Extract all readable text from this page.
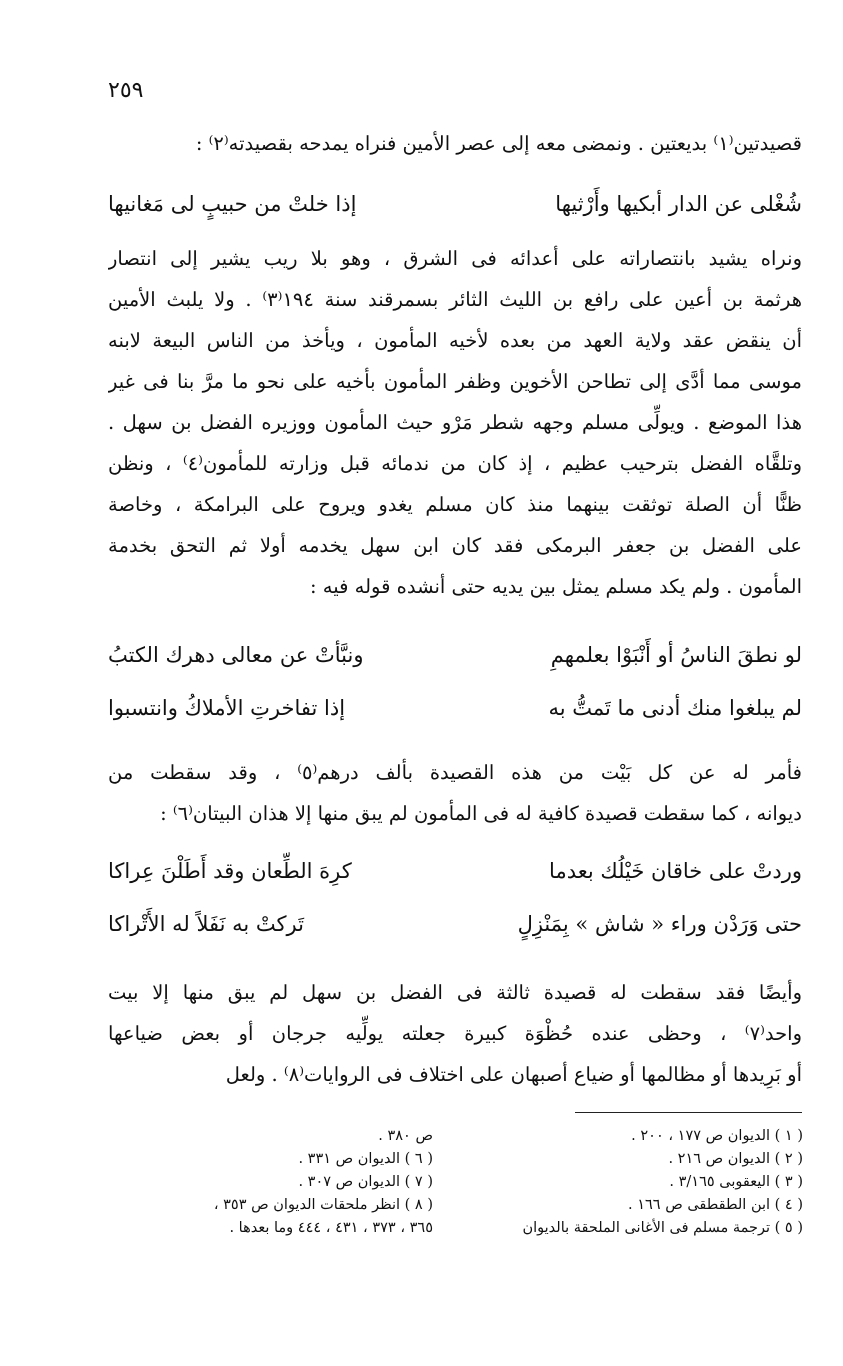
٢٥٩
قصيدتين⁽١⁾ بديعتين . ونمضى معه إلى عصر الأمين فنراه يمدحه بقصيدته⁽٢⁾ :
شُغْلى عن الدار أبكيها وأَرْثيها
إذا خلتْ من حبيبٍ لى مَغانيها
ونراه يشيد بانتصاراته على أعدائه فى الشرق ، وهو بلا ريب يشير إلى انتصار
هرثمة بن أعين على رافع بن الليث الثائر بسمرقند سنة ١٩٤⁽٣⁾ . ولا يلبث الأمين
أن ينقض عقد ولاية العهد من بعده لأخيه المأمون ، ويأخذ من الناس البيعة لابنه
موسى مما أدَّى إلى تطاحن الأخوين وظفر المأمون بأخيه على نحو ما مرَّ بنا فى غير
هذا الموضع . ويولِّى مسلم وجهه شطر مَرْو حيث المأمون ووزيره الفضل بن سهل .
وتلقَّاه الفضل بترحيب عظيم ، إذ كان من ندمائه قبل وزارته للمأمون⁽٤⁾ ، ونظن
ظنًّا أن الصلة توثقت بينهما منذ كان مسلم يغدو ويروح على البرامكة ، وخاصة
على الفضل بن جعفر البرمكى فقد كان ابن سهل يخدمه أولا ثم التحق بخدمة
المأمون . ولم يكد مسلم يمثل بين يديه حتى أنشده قوله فيه :
لو نطقَ الناسُ أو أَنْبَوْا بعلمهمِ
ونبَّأتْ عن معالى دهرك الكتبُ
لم يبلغوا منك أدنى ما تَمتُّ به
إذا تفاخرتِ الأملاكُ وانتسبوا
فأمر له عن كل بَيْت من هذه القصيدة بألف درهم⁽٥⁾ ، وقد سقطت من
ديوانه ، كما سقطت قصيدة كافية له فى المأمون لم يبق منها إلا هذان البيتان⁽٦⁾ :
وردتْ على خاقان خَيْلُك بعدما
كرِهَ الطِّعان وقد أَطَلْنَ عِراكا
حتى وَرَدْن وراء « شاش » بِمَنْزِلٍ
تَركتْ به نَفَلاً له الأَتْراكا
وأيضًا فقد سقطت له قصيدة ثالثة فى الفضل بن سهل لم يبق منها إلا بيت
واحد⁽٧⁾ ، وحظى عنده حُظْوَة كبيرة جعلته يولِّيه جرجان أو بعض ضياعها
أو بَرِيدها أو مظالمها أو ضياع أصبهان على اختلاف فى الروايات⁽٨⁾ . ولعل
( ١ ) الديوان ص ١٧٧ ، ٢٠٠ .
( ٢ ) الديوان ص ٢١٦ .
( ٣ ) اليعقوبى ٣/١٦٥ .
( ٤ ) ابن الطقطقى ص ١٦٦ .
( ٥ ) ترجمة مسلم فى الأغانى الملحقة بالديوان
ص ٣٨٠ .
( ٦ ) الديوان ص ٣٣١ .
( ٧ ) الديوان ص ٣٠٧ .
( ٨ ) انظر ملحقات الديوان ص ٣٥٣ ،
٣٦٥ ، ٣٧٣ ، ٤٣١ ، ٤٤٤ وما بعدها .
